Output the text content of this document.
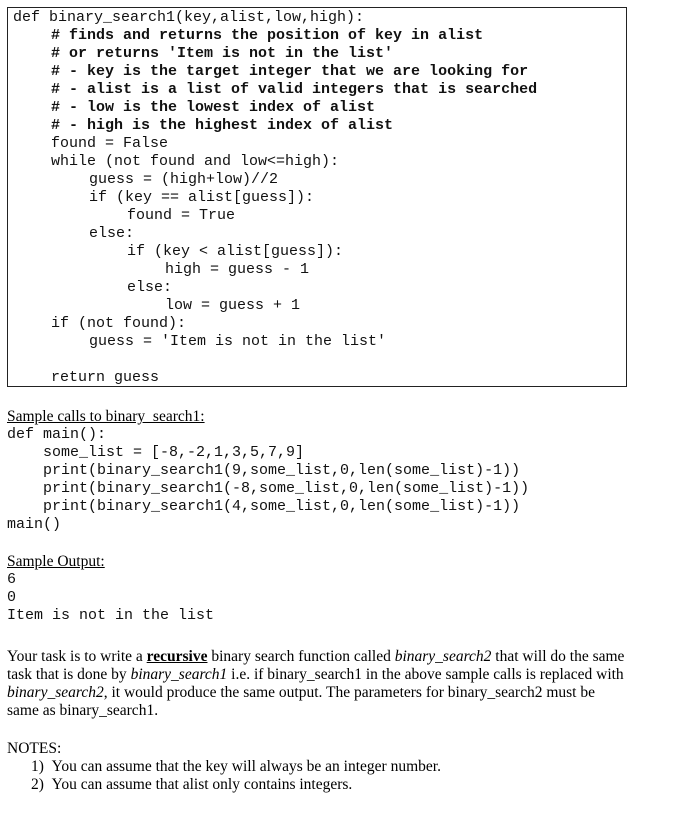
def binary_search1(key,alist,low,high):
# finds and returns the position of key in alist
# or returns 'Item is not in the list'
# - key is the target integer that we are looking for
# - alist is a list of valid integers that is searched
# - low is the lowest index of alist
# - high is the highest index of alist
found = False
while (not found and low<=high):
guess = (high+low)//2
if (key == alist[guess]):
found = True
else:
if (key < alist[guess]):
high = guess - 1
else:
low = guess + 1
if (not found):
guess = 'Item is not in the list'
return guess
Sample calls to binary_search1:
def main():
some_list = [-8,-2,1,3,5,7,9]
print(binary_search1(9,some_list,0,len(some_list)-1))
print(binary_search1(-8,some_list,0,len(some_list)-1))
print(binary_search1(4,some_list,0,len(some_list)-1))
main()
Sample Output:
6
0
Item is not in the list
Your task is to write a recursive binary search function called binary_search2 that will do the same task that is done by binary_search1 i.e. if binary_search1 in the above sample calls is replaced with binary_search2, it would produce the same output. The parameters for binary_search2 must be same as binary_search1.
NOTES:
1) You can assume that the key will always be an integer number.
2) You can assume that alist only contains integers.
